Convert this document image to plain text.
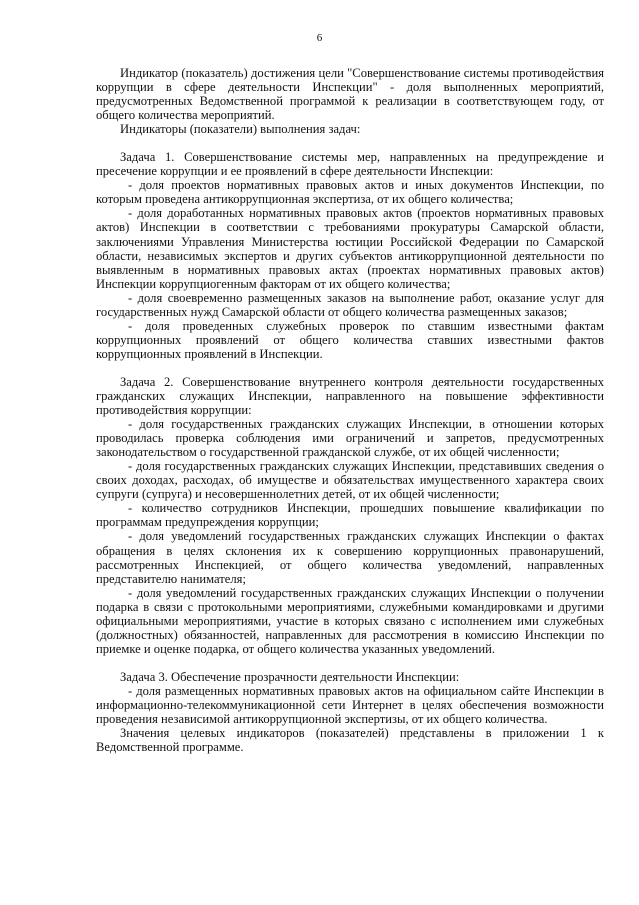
6

Индикатор (показатель) достижения цели "Совершенствование системы противодействия коррупции в сфере деятельности Инспекции" - доля выполненных мероприятий, предусмотренных Ведомственной программой к реализации в соответствующем году, от общего количества мероприятий.

Индикаторы (показатели) выполнения задач:

Задача 1. Совершенствование системы мер, направленных на предупреждение и пресечение коррупции и ее проявлений в сфере деятельности Инспекции:

- доля проектов нормативных правовых актов и иных документов Инспекции, по которым проведена антикоррупционная экспертиза, от их общего количества;

- доля доработанных нормативных правовых актов (проектов нормативных правовых актов) Инспекции в соответствии с требованиями прокуратуры Самарской области, заключениями Управления Министерства юстиции Российской Федерации по Самарской области, независимых экспертов и других субъектов антикоррупционной деятельности по выявленным в нормативных правовых актах (проектах нормативных правовых актов) Инспекции коррупциогенным факторам от их общего количества;

- доля своевременно размещенных заказов на выполнение работ, оказание услуг для государственных нужд Самарской области от общего количества размещенных заказов;

- доля проведенных служебных проверок по ставшим известными фактам коррупционных проявлений от общего количества ставших известными фактов коррупционных проявлений в Инспекции.

Задача 2. Совершенствование внутреннего контроля деятельности государственных гражданских служащих Инспекции, направленного на повышение эффективности противодействия коррупции:

- доля государственных гражданских служащих Инспекции, в отношении которых проводилась проверка соблюдения ими ограничений и запретов, предусмотренных законодательством о государственной гражданской службе, от их общей численности;

- доля государственных гражданских служащих Инспекции, представивших сведения о своих доходах, расходах, об имуществе и обязательствах имущественного характера своих супруги (супруга) и несовершеннолетних детей, от их общей численности;

- количество сотрудников Инспекции, прошедших повышение квалификации по программам предупреждения коррупции;

- доля уведомлений государственных гражданских служащих Инспекции о фактах обращения в целях склонения их к совершению коррупционных правонарушений, рассмотренных Инспекцией, от общего количества уведомлений, направленных представителю нанимателя;

- доля уведомлений государственных гражданских служащих Инспекции о получении подарка в связи с протокольными мероприятиями, служебными командировками и другими официальными мероприятиями, участие в которых связано с исполнением ими служебных (должностных) обязанностей, направленных для рассмотрения в комиссию Инспекции по приемке и оценке подарка, от общего количества указанных уведомлений.

Задача 3. Обеспечение прозрачности деятельности Инспекции:

- доля размещенных нормативных правовых актов на официальном сайте Инспекции в информационно-телекоммуникационной сети Интернет в целях обеспечения возможности проведения независимой антикоррупционной экспертизы, от их общего количества.

Значения целевых индикаторов (показателей) представлены в приложении 1 к Ведомственной программе.
